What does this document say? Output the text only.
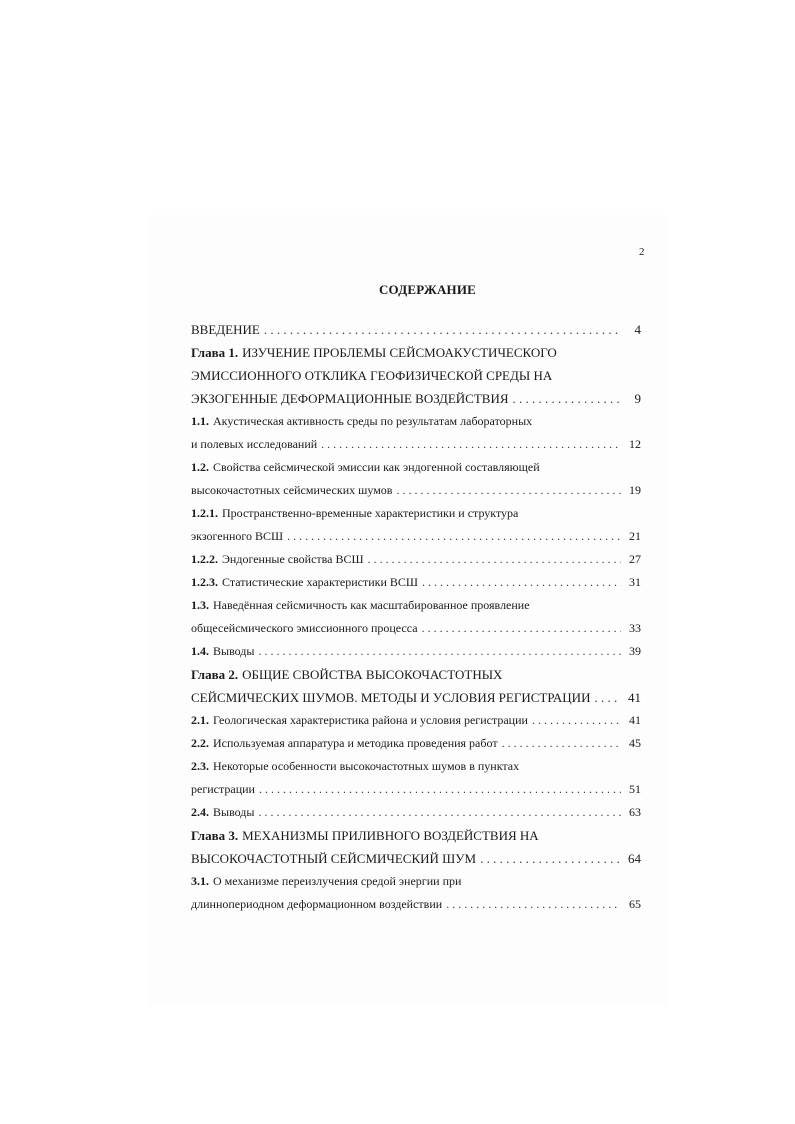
2
СОДЕРЖАНИЕ
ВВЕДЕНИЕ . . .	4
Глава 1. ИЗУЧЕНИЕ ПРОБЛЕМЫ СЕЙСМОАКУСТИЧЕСКОГО
ЭМИССИОННОГО ОТКЛИКА ГЕОФИЗИЧЕСКОЙ СРЕДЫ НА
ЭКЗОГЕННЫЕ ДЕФОРМАЦИОННЫЕ ВОЗДЕЙСТВИЯ . . .	9
1.1. Акустическая активность среды по результатам лабораторных
и полевых исследований . . .	12
1.2. Свойства сейсмической эмиссии как эндогенной составляющей
высокочастотных сейсмических шумов . . .	19
1.2.1. Пространственно-временные характеристики и структура
экзогенного ВСШ . . .	21
1.2.2. Эндогенные свойства ВСШ . . .	27
1.2.3. Статистические характеристики ВСШ . . .	31
1.3. Наведённая сейсмичность как масштабированное проявление
общесейсмического эмиссионного процесса . . .	33
1.4. Выводы . . .	39
Глава 2. ОБЩИЕ СВОЙСТВА ВЫСОКОЧАСТОТНЫХ
СЕЙСМИЧЕСКИХ ШУМОВ. МЕТОДЫ И УСЛОВИЯ РЕГИСТРАЦИИ . . .	41
2.1. Геологическая характеристика района и условия регистрации . . .	41
2.2. Используемая аппаратура и методика проведения работ . . .	45
2.3. Некоторые особенности высокочастотных шумов в пунктах
регистрации . . .	51
2.4. Выводы . . .	63
Глава 3. МЕХАНИЗМЫ ПРИЛИВНОГО ВОЗДЕЙСТВИЯ НА
ВЫСОКОЧАСТОТНЫЙ СЕЙСМИЧЕСКИЙ ШУМ . . .	64
3.1. О механизме переизлучения средой энергии при
длиннопериодном деформационном воздействии . . .	65
